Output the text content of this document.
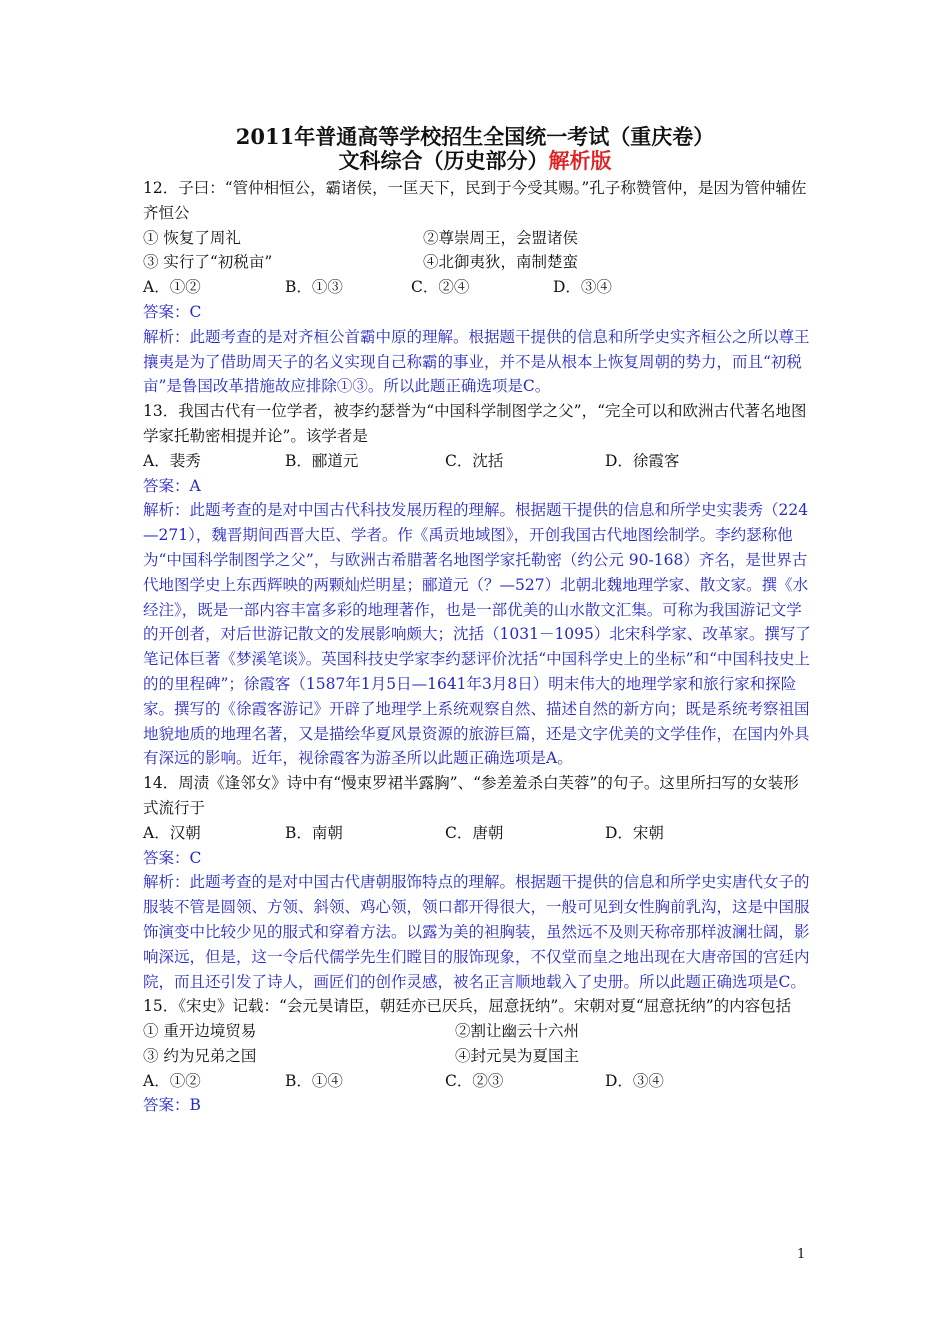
2011年普通高等学校招生全国统一考试（重庆卷）
文科综合（历史部分）解析版

12．子曰：“管仲相恒公，霸诸侯，一匡天下，民到于今受其赐。”孔子称赞管仲，是因为管仲辅佐齐恒公

① 恢复了周礼	②尊崇周王，会盟诸侯
③ 实行了“初税亩”	④北御夷狄，南制楚蛮
A．①②	B．①③	C．②④	D．③④

答案：C

解析：此题考查的是对齐桓公首霸中原的理解。根据题干提供的信息和所学史实齐桓公之所以尊王攘夷是为了借助周天子的名义实现自己称霸的事业，并不是从根本上恢复周朝的势力，而且“初税亩”是鲁国改革措施故应排除①③。所以此题正确选项是C。

13．我国古代有一位学者，被李约瑟誉为“中国科学制图学之父”，“完全可以和欧洲古代著名地图学家托勒密相提并论”。该学者是

A．裴秀	B．郦道元	C．沈括	D．徐霞客

答案：A

解析：此题考查的是对中国古代科技发展历程的理解。根据题干提供的信息和所学史实裴秀（224—271），魏晋期间西晋大臣、学者。作《禹贡地域图》，开创我国古代地图绘制学。李约瑟称他为“中国科学制图学之父”，与欧洲古希腊著名地图学家托勒密（约公元 90-168）齐名，是世界古代地图学史上东西辉映的两颗灿烂明星；郦道元（？—527）北朝北魏地理学家、散文家。撰《水经注》，既是一部内容丰富多彩的地理著作，也是一部优美的山水散文汇集。可称为我国游记文学的开创者，对后世游记散文的发展影响颇大；沈括（1031－1095）北宋科学家、改革家。撰写了笔记体巨著《梦溪笔谈》。英国科技史学家李约瑟评价沈括“中国科学史上的坐标”和“中国科技史上的的里程碑”；徐霞客（1587年1月5日—1641年3月8日）明末伟大的地理学家和旅行家和探险家。撰写的《徐霞客游记》开辟了地理学上系统观察自然、描述自然的新方向；既是系统考察祖国地貌地质的地理名著，又是描绘华夏风景资源的旅游巨篇，还是文字优美的文学佳作，在国内外具有深远的影响。近年，视徐霞客为游圣所以此题正确选项是A。

14．周渍《逢邻女》诗中有“慢束罗裙半露胸”、“参差羞杀白芙蓉”的句子。这里所扫写的女装形式流行于

A．汉朝	B．南朝	C．唐朝	D．宋朝

答案：C

解析：此题考查的是对中国古代唐朝服饰特点的理解。根据题干提供的信息和所学史实唐代女子的服装不管是圆领、方领、斜领、鸡心领，领口都开得很大，一般可见到女性胸前乳沟，这是中国服饰演变中比较少见的服式和穿着方法。以露为美的袒胸装，虽然远不及则天称帝那样波澜壮阔，影响深远，但是，这一令后代儒学先生们瞠目的服饰现象，不仅堂而皇之地出现在大唐帝国的宫廷内院，而且还引发了诗人，画匠们的创作灵感，被名正言顺地载入了史册。所以此题正确选项是C。

15．《宋史》记载：“会元昊请臣，朝廷亦已厌兵，屈意抚纳”。宋朝对夏“屈意抚纳”的内容包括

① 重开边境贸易	②割让幽云十六州
③ 约为兄弟之国	④封元昊为夏国主
A．①②	B．①④	C．②③	D．③④

答案：B

1
